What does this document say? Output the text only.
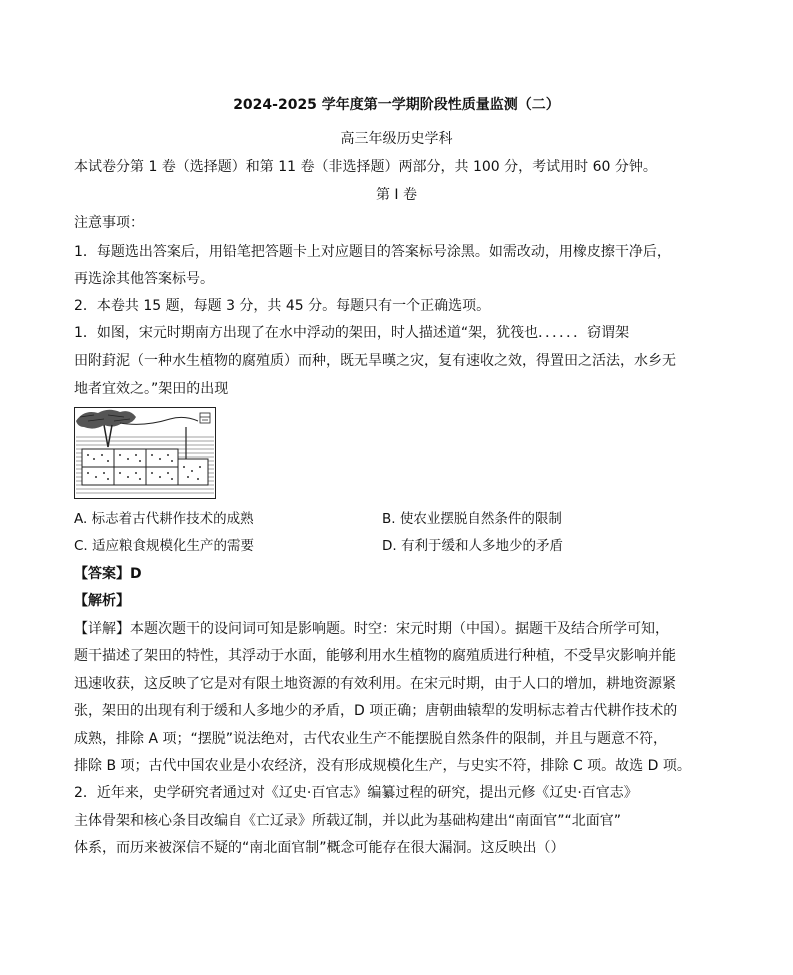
2024-2025 学年度第一学期阶段性质量监测（二）
高三年级历史学科
本试卷分第 1 卷（选择题）和第 11 卷（非选择题）两部分，共 100 分，考试用时 60 分钟。
第 I 卷
注意事项：
1．每题选出答案后，用铅笔把答题卡上对应题目的答案标号涂黑。如需改动，用橡皮擦干净后，
再选涂其他答案标号。
2．本卷共 15 题，每题 3 分，共 45 分。每题只有一个正确选项。
1．如图，宋元时期南方出现了在水中浮动的架田，时人描述道“架，犹筏也．．．．．．窃谓架
田附葑泥（一种水生植物的腐殖质）而种，既无旱暵之灾，复有速收之效，得置田之活法，水乡无
地者宜效之。”架田的出现
A. 标志着古代耕作技术的成熟	B. 使农业摆脱自然条件的限制
C. 适应粮食规模化生产的需要	D. 有利于缓和人多地少的矛盾
【答案】D
【解析】
【详解】本题次题干的设问词可知是影响题。时空：宋元时期（中国）。据题干及结合所学可知，
题干描述了架田的特性，其浮动于水面，能够利用水生植物的腐殖质进行种植，不受旱灾影响并能
迅速收获，这反映了它是对有限土地资源的有效利用。在宋元时期，由于人口的增加，耕地资源紧
张，架田的出现有利于缓和人多地少的矛盾，D 项正确；唐朝曲辕犁的发明标志着古代耕作技术的
成熟，排除 A 项；“摆脱”说法绝对，古代农业生产不能摆脱自然条件的限制，并且与题意不符，
排除 B 项；古代中国农业是小农经济，没有形成规模化生产，与史实不符，排除 C 项。故选 D 项。
2．近年来，史学研究者通过对《辽史·百官志》编纂过程的研究，提出元修《辽史·百官志》
主体骨架和核心条目改编自《亡辽录》所载辽制，并以此为基础构建出“南面官”“北面官”
体系，而历来被深信不疑的“南北面官制”概念可能存在很大漏洞。这反映出（）
